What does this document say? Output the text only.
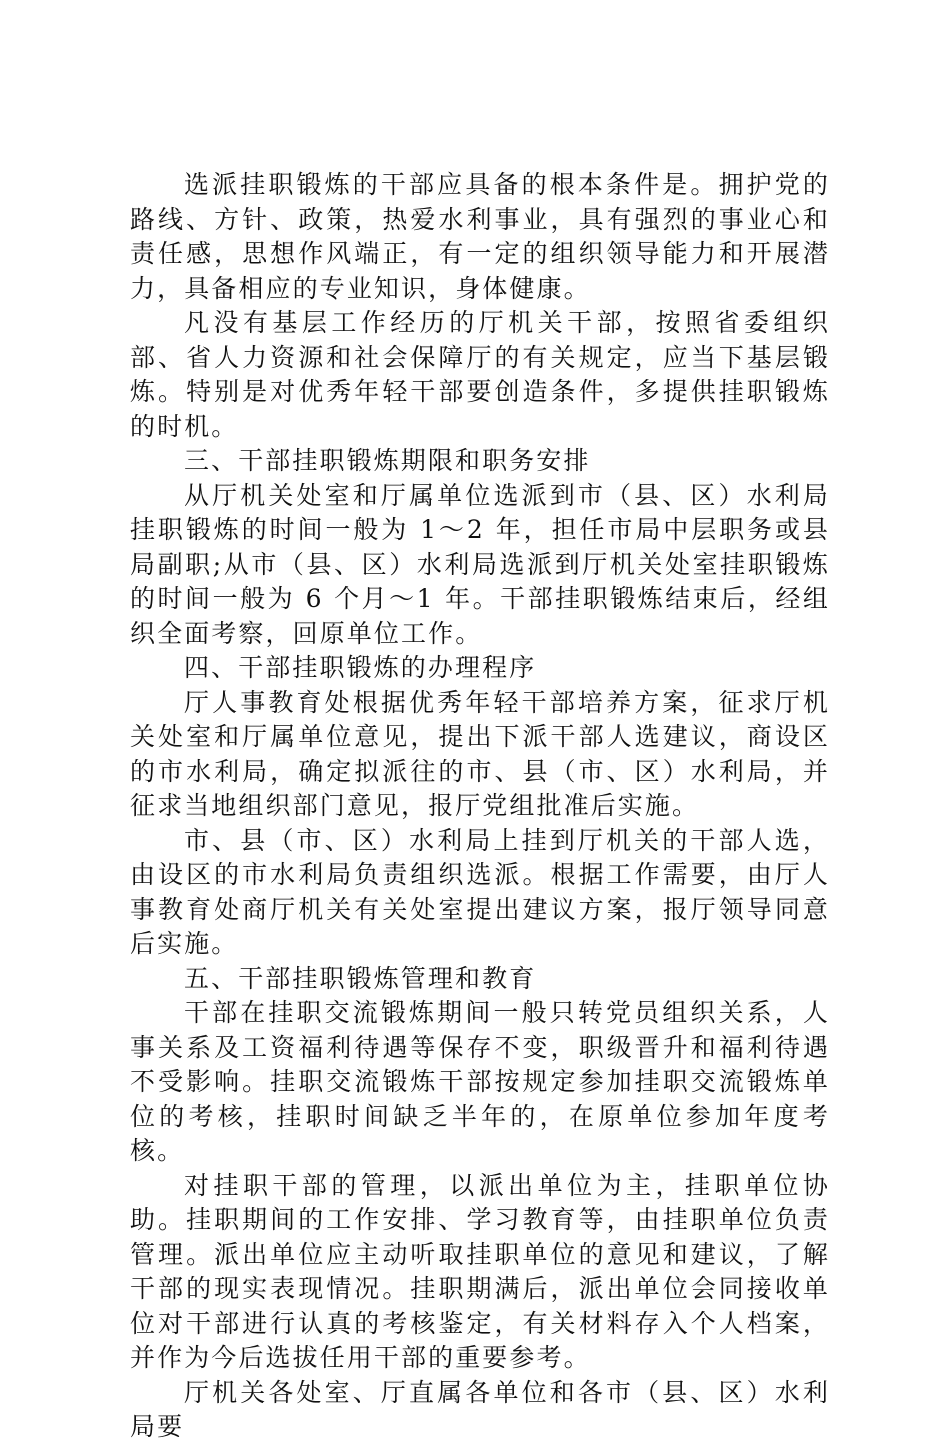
选派挂职锻炼的干部应具备的根本条件是。拥护党的路线、方针、政策，热爱水利事业，具有强烈的事业心和责任感，思想作风端正，有一定的组织领导能力和开展潜力，具备相应的专业知识，身体健康。

凡没有基层工作经历的厅机关干部，按照省委组织部、省人力资源和社会保障厅的有关规定，应当下基层锻炼。特别是对优秀年轻干部要创造条件，多提供挂职锻炼的时机。

三、干部挂职锻炼期限和职务安排

从厅机关处室和厅属单位选派到市（县、区）水利局挂职锻炼的时间一般为 1～2 年，担任市局中层职务或县局副职;从市（县、区）水利局选派到厅机关处室挂职锻炼的时间一般为 6 个月～1 年。干部挂职锻炼结束后，经组织全面考察，回原单位工作。

四、干部挂职锻炼的办理程序

厅人事教育处根据优秀年轻干部培养方案，征求厅机关处室和厅属单位意见，提出下派干部人选建议，商设区的市水利局，确定拟派往的市、县（市、区）水利局，并征求当地组织部门意见，报厅党组批准后实施。

市、县（市、区）水利局上挂到厅机关的干部人选，由设区的市水利局负责组织选派。根据工作需要，由厅人事教育处商厅机关有关处室提出建议方案，报厅领导同意后实施。

五、干部挂职锻炼管理和教育

干部在挂职交流锻炼期间一般只转党员组织关系，人事关系及工资福利待遇等保存不变，职级晋升和福利待遇不受影响。挂职交流锻炼干部按规定参加挂职交流锻炼单位的考核，挂职时间缺乏半年的，在原单位参加年度考核。

对挂职干部的管理，以派出单位为主，挂职单位协助。挂职期间的工作安排、学习教育等，由挂职单位负责管理。派出单位应主动听取挂职单位的意见和建议，了解干部的现实表现情况。挂职期满后，派出单位会同接收单位对干部进行认真的考核鉴定，有关材料存入个人档案，并作为今后选拔任用干部的重要参考。

厅机关各处室、厅直属各单位和各市（县、区）水利局要
